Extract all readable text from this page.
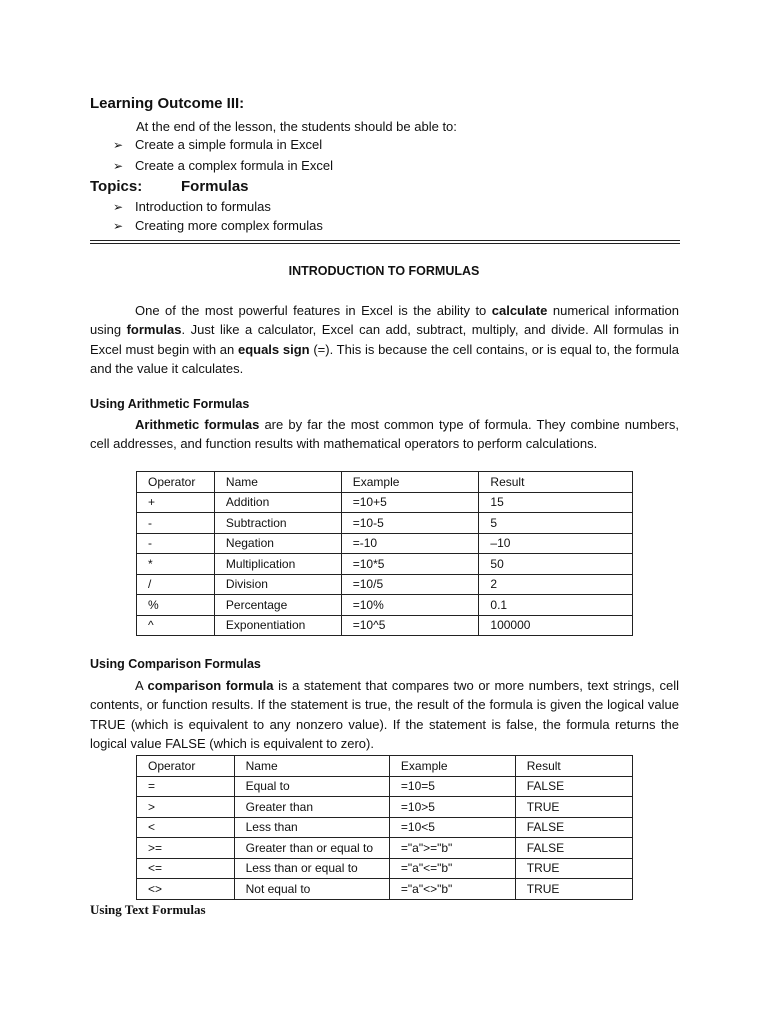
Learning Outcome III:
At the end of the lesson, the students should be able to:
➢ Create a simple formula in Excel
➢ Create a complex formula in Excel
Topics:	Formulas
➢ Introduction to formulas
➢ Creating more complex formulas
INTRODUCTION TO FORMULAS
One of the most powerful features in Excel is the ability to calculate numerical information using formulas. Just like a calculator, Excel can add, subtract, multiply, and divide. All formulas in Excel must begin with an equals sign (=). This is because the cell contains, or is equal to, the formula and the value it calculates.
Using Arithmetic Formulas
Arithmetic formulas are by far the most common type of formula. They combine numbers, cell addresses, and function results with mathematical operators to perform calculations.
Operator	Name	Example	Result
+	Addition	=10+5	15
-	Subtraction	=10-5	5
-	Negation	=-10	–10
*	Multiplication	=10*5	50
/	Division	=10/5	2
%	Percentage	=10%	0.1
^	Exponentiation	=10^5	100000
Using Comparison Formulas
A comparison formula is a statement that compares two or more numbers, text strings, cell contents, or function results. If the statement is true, the result of the formula is given the logical value TRUE (which is equivalent to any nonzero value). If the statement is false, the formula returns the logical value FALSE (which is equivalent to zero).
Operator	Name	Example	Result
=	Equal to	=10=5	FALSE
>	Greater than	=10>5	TRUE
<	Less than	=10<5	FALSE
>=	Greater than or equal to	="a">="b"	FALSE
<=	Less than or equal to	="a"<="b"	TRUE
<>	Not equal to	="a"<>"b"	TRUE
Using Text Formulas
